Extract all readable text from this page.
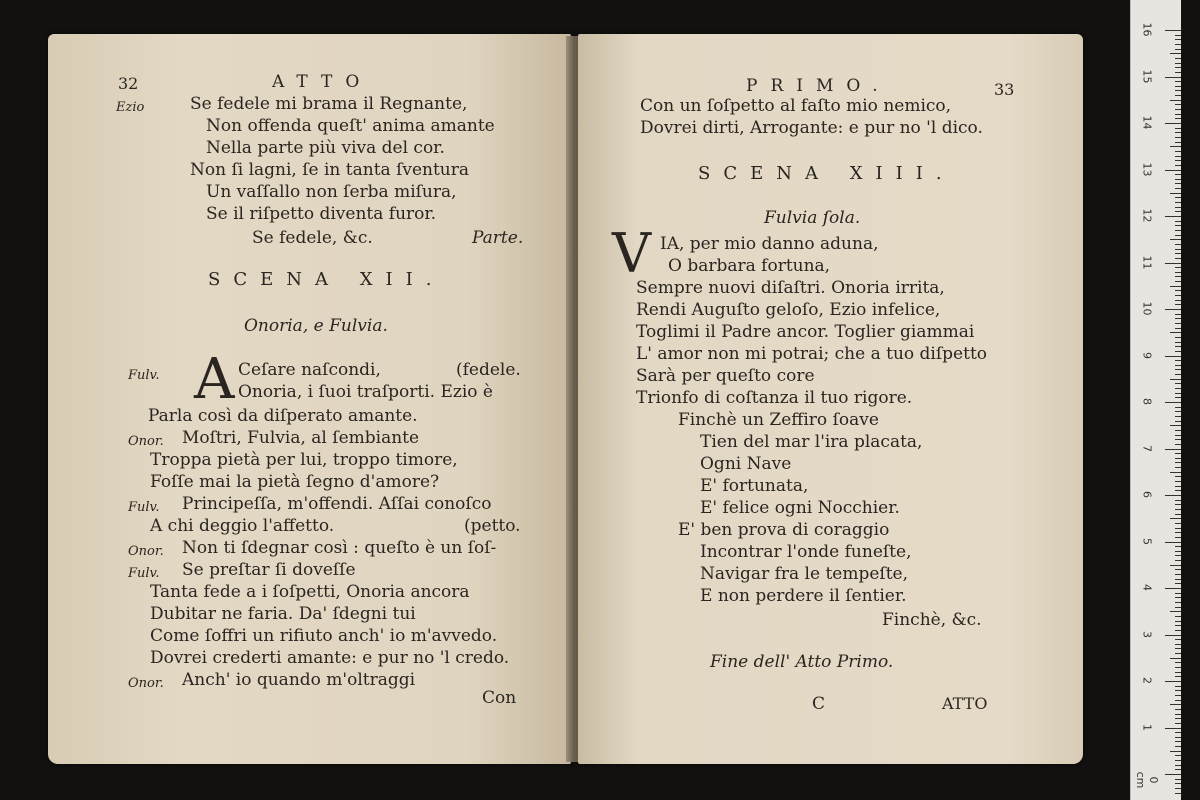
32	ATTO
Ezio	Se fedele mi brama il Regnante,
Non offenda queſt' anima amante
Nella parte più viva del cor.
Non ſi lagni, ſe in tanta ſventura
Un vaſſallo non ſerba miſura,
Se il riſpetto diventa furor.
Se fedele, &c.	Parte.
SCENA XII.
Onoria, e Fulvia.
Fulv. A Ceſare naſcondi,	(fedele.
Onoria, i ſuoi traſporti. Ezio è
Parla così da diſperato amante.
Onor. Moſtri, Fulvia, al ſembiante
Troppa pietà per lui, troppo timore,
Foſſe mai la pietà ſegno d'amore?
Fulv. Principeſſa, m'offendi. Aſſai conoſco
A chi deggio l'affetto.	(petto.
Onor. Non ti ſdegnar così : queſto è un ſoſ-
Fulv. Se preſtar ſi doveſſe
Tanta fede a i ſoſpetti, Onoria ancora
Dubitar ne faria. Da' ſdegni tui
Come ſoffri un rifiuto anch' io m'avvedo.
Dovrei crederti amante: e pur no 'l credo.
Onor. Anch' io quando m'oltraggi
Con
PRIMO.	33
Con un ſoſpetto al faſto mio nemico,
Dovrei dirti, Arrogante: e pur no 'l dico.
SCENA XIII.
Fulvia ſola.
V IA, per mio danno aduna,
O barbara fortuna,
Sempre nuovi diſaſtri. Onoria irrita,
Rendi Auguſto geloſo, Ezio infelice,
Toglimi il Padre ancor. Toglier giammai
L' amor non mi potrai; che a tuo diſpetto
Sarà per queſto core
Trionfo di coſtanza il tuo rigore.
Finchè un Zeffiro ſoave
Tien del mar l'ira placata,
Ogni Nave
E' fortunata,
E' felice ogni Nocchier.
E' ben prova di coraggio
Incontrar l'onde funeſte,
Navigar fra le tempeſte,
E non perdere il ſentier.
Finchè, &c.
Fine dell' Atto Primo.
C	ATTO
16
15
14
13
12
11
10
9
8
7
6
5
4
3
2
1
0 cm
